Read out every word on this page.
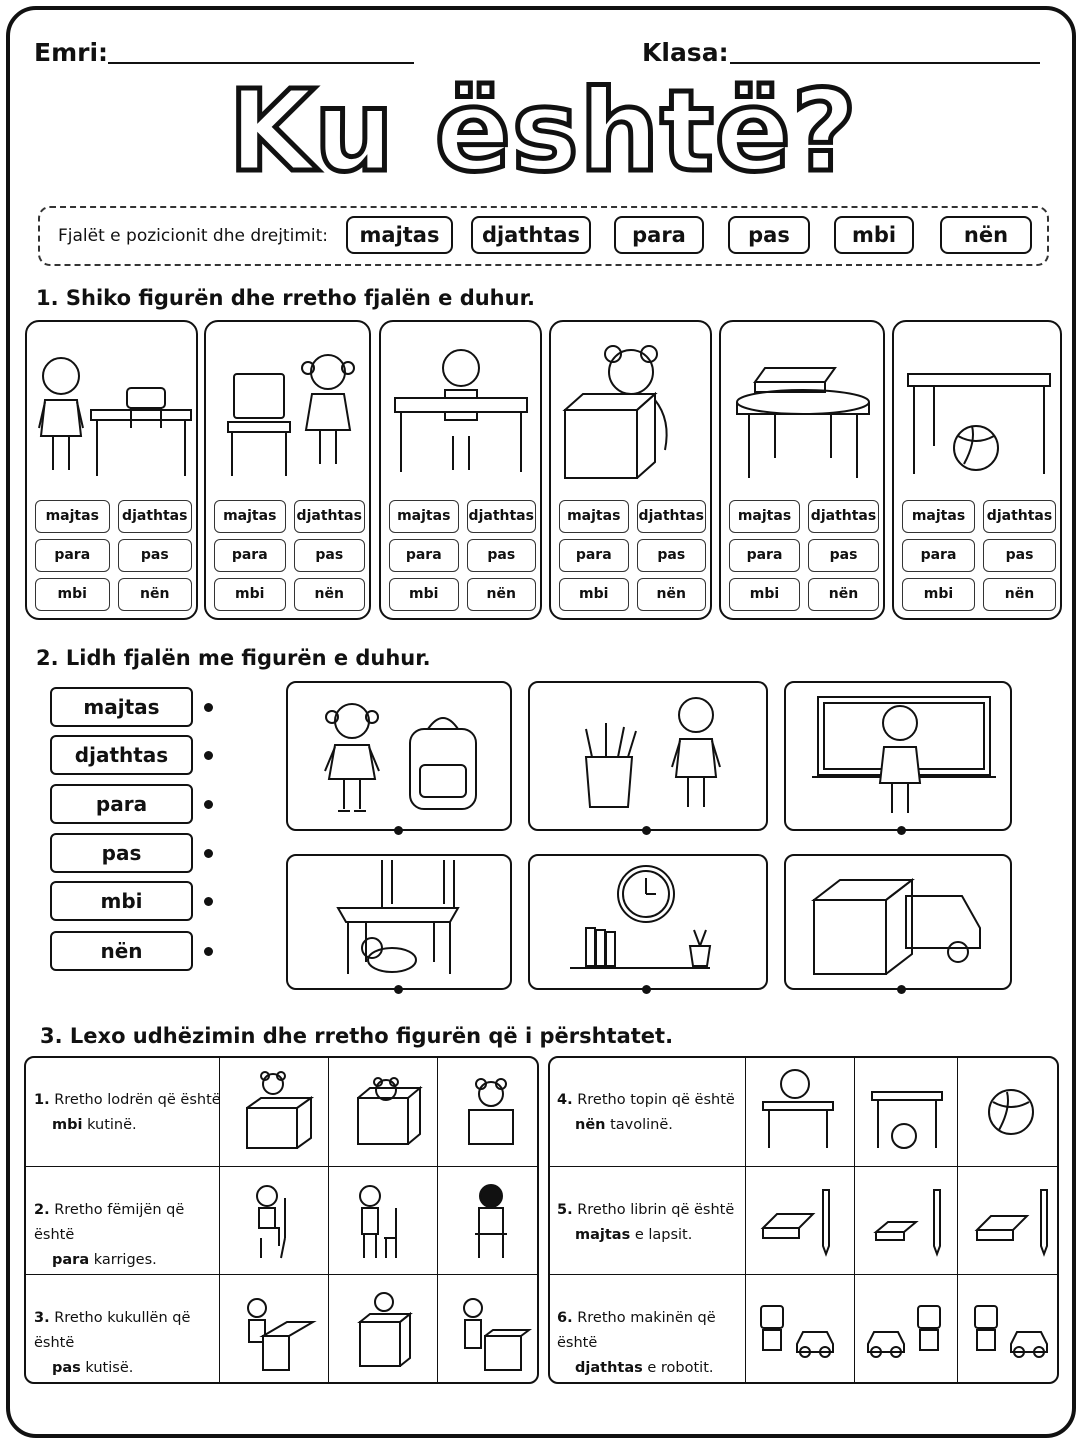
Emri:	Klasa:
Ku është?
Fjalët e pozicionit dhe drejtimit:	majtas	djathtas	para	pas	mbi	nën
1. Shiko figurën dhe rretho fjalën e duhur.
majtas	djathtas
para	pas
mbi	nën
majtas	djathtas
para	pas
mbi	nën
majtas	djathtas
para	pas
mbi	nën
majtas	djathtas
para	pas
mbi	nën
majtas	djathtas
para	pas
mbi	nën
majtas	djathtas
para	pas
mbi	nën
2. Lidh fjalën me figurën e duhur.
majtas
djathtas
para
pas
mbi
nën
3. Lexo udhëzimin dhe rretho figurën që i përshtatet.
1. Rretho lodrën që është
mbi kutinë.
2. Rretho fëmijën që është
para karriges.
3. Rretho kukullën që është
pas kutisë.
4. Rretho topin që është
nën tavolinë.
5. Rretho librin që është
majtas e lapsit.
6. Rretho makinën që është
djathtas e robotit.
